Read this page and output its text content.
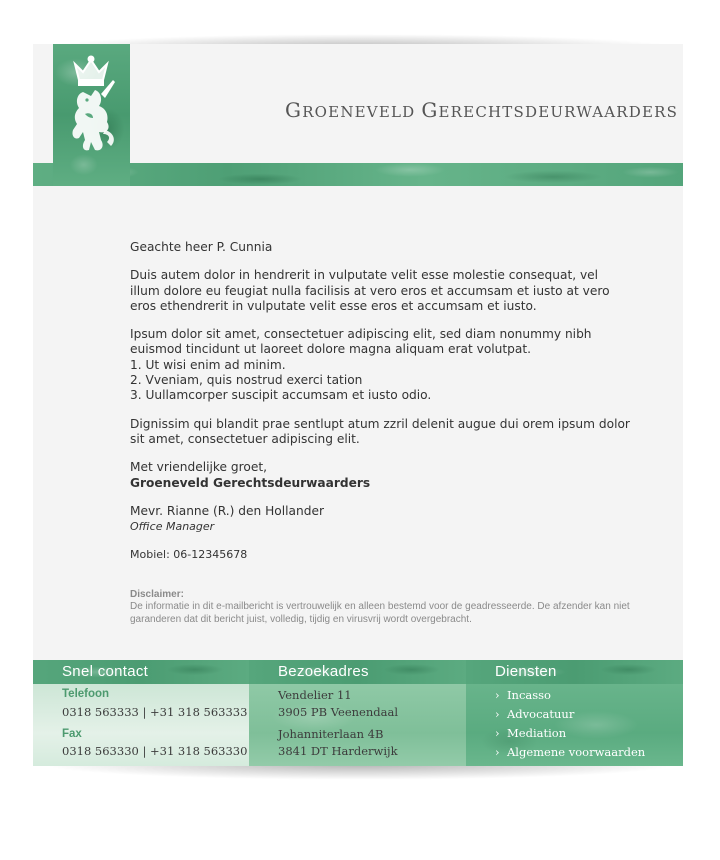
GROENEVELD GERECHTSDEURWAARDERS

Geachte heer P. Cunnia

Duis autem dolor in hendrerit in vulputate velit esse molestie consequat, vel illum dolore eu feugiat nulla facilisis at vero eros et accumsam et iusto at vero eros ethendrerit in vulputate velit esse eros et accumsam et iusto.

Ipsum dolor sit amet, consectetuer adipiscing elit, sed diam nonummy nibh euismod tincidunt ut laoreet dolore magna aliquam erat volutpat.
1. Ut wisi enim ad minim.
2. Vveniam, quis nostrud exerci tation
3. Uullamcorper suscipit accumsam et iusto odio.

Dignissim qui blandit prae sentlupt atum zzril delenit augue dui orem ipsum dolor sit amet, consectetuer adipiscing elit.

Met vriendelijke groet,
Groeneveld Gerechtsdeurwaarders

Mevr. Rianne (R.) den Hollander
Office Manager

Mobiel: 06-12345678

Disclaimer:
De informatie in dit e-mailbericht is vertrouwelijk en alleen bestemd voor de geadresseerde. De afzender kan niet garanderen dat dit bericht juist, volledig, tijdig en virusvrij wordt overgebracht.

Snel contact
Telefoon
0318 563333 | +31 318 563333
Fax
0318 563330 | +31 318 563330
Bezoekadres
Vendelier 11
3905 PB Veenendaal
Johanniterlaan 4B
3841 DT Harderwijk
Diensten
› Incasso
› Advocatuur
› Mediation
› Algemene voorwaarden
